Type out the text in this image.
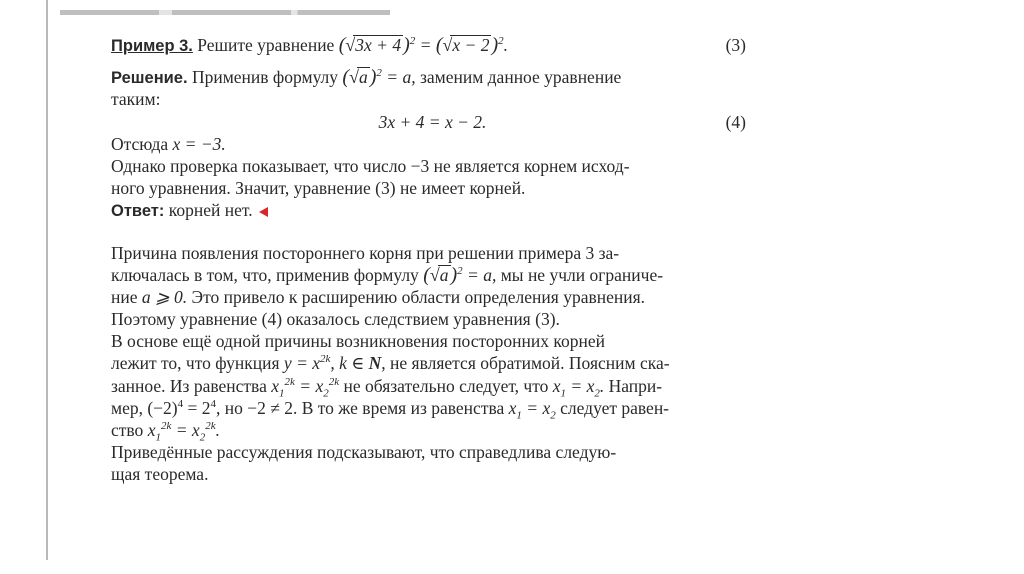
Пример 3. Решите уравнение (√3x + 4 )$^2$ = (√x − 2 )$^2$.	(3)
Решение. Применив формулу (√a )$^2$ = a, заменим данное уравнение
таким:
3x + 4 = x − 2.	(4)
Отсюда x = −3.
Однако проверка показывает, что число −3 не является корнем исход-
ного уравнения. Значит, уравнение (3) не имеет корней.
Ответ: корней нет.
Причина появления постороннего корня при решении примера 3 за-
ключалась в том, что, применив формулу (√a )$^2$ = a, мы не учли ограниче-
ние a ⩾ 0. Это привело к расширению области определения уравнения.
Поэтому уравнение (4) оказалось следствием уравнения (3).
В основе ещё одной причины возникновения посторонних корней
лежит то, что функция $y = x^{2k}$, k ∈ N, не является обратимой. Поясним ска-
занное. Из равенства $x_1^{2k} = x_2^{2k}$ не обязательно следует, что $x_1 = x_2$. Напри-
мер, $(-2)^4 = 2^4$, но −2 ≠ 2. В то же время из равенства $x_1 = x_2$ следует равен-
ство $x_1^{2k} = x_2^{2k}$.
Приведённые рассуждения подсказывают, что справедлива следую-
щая теорема.
